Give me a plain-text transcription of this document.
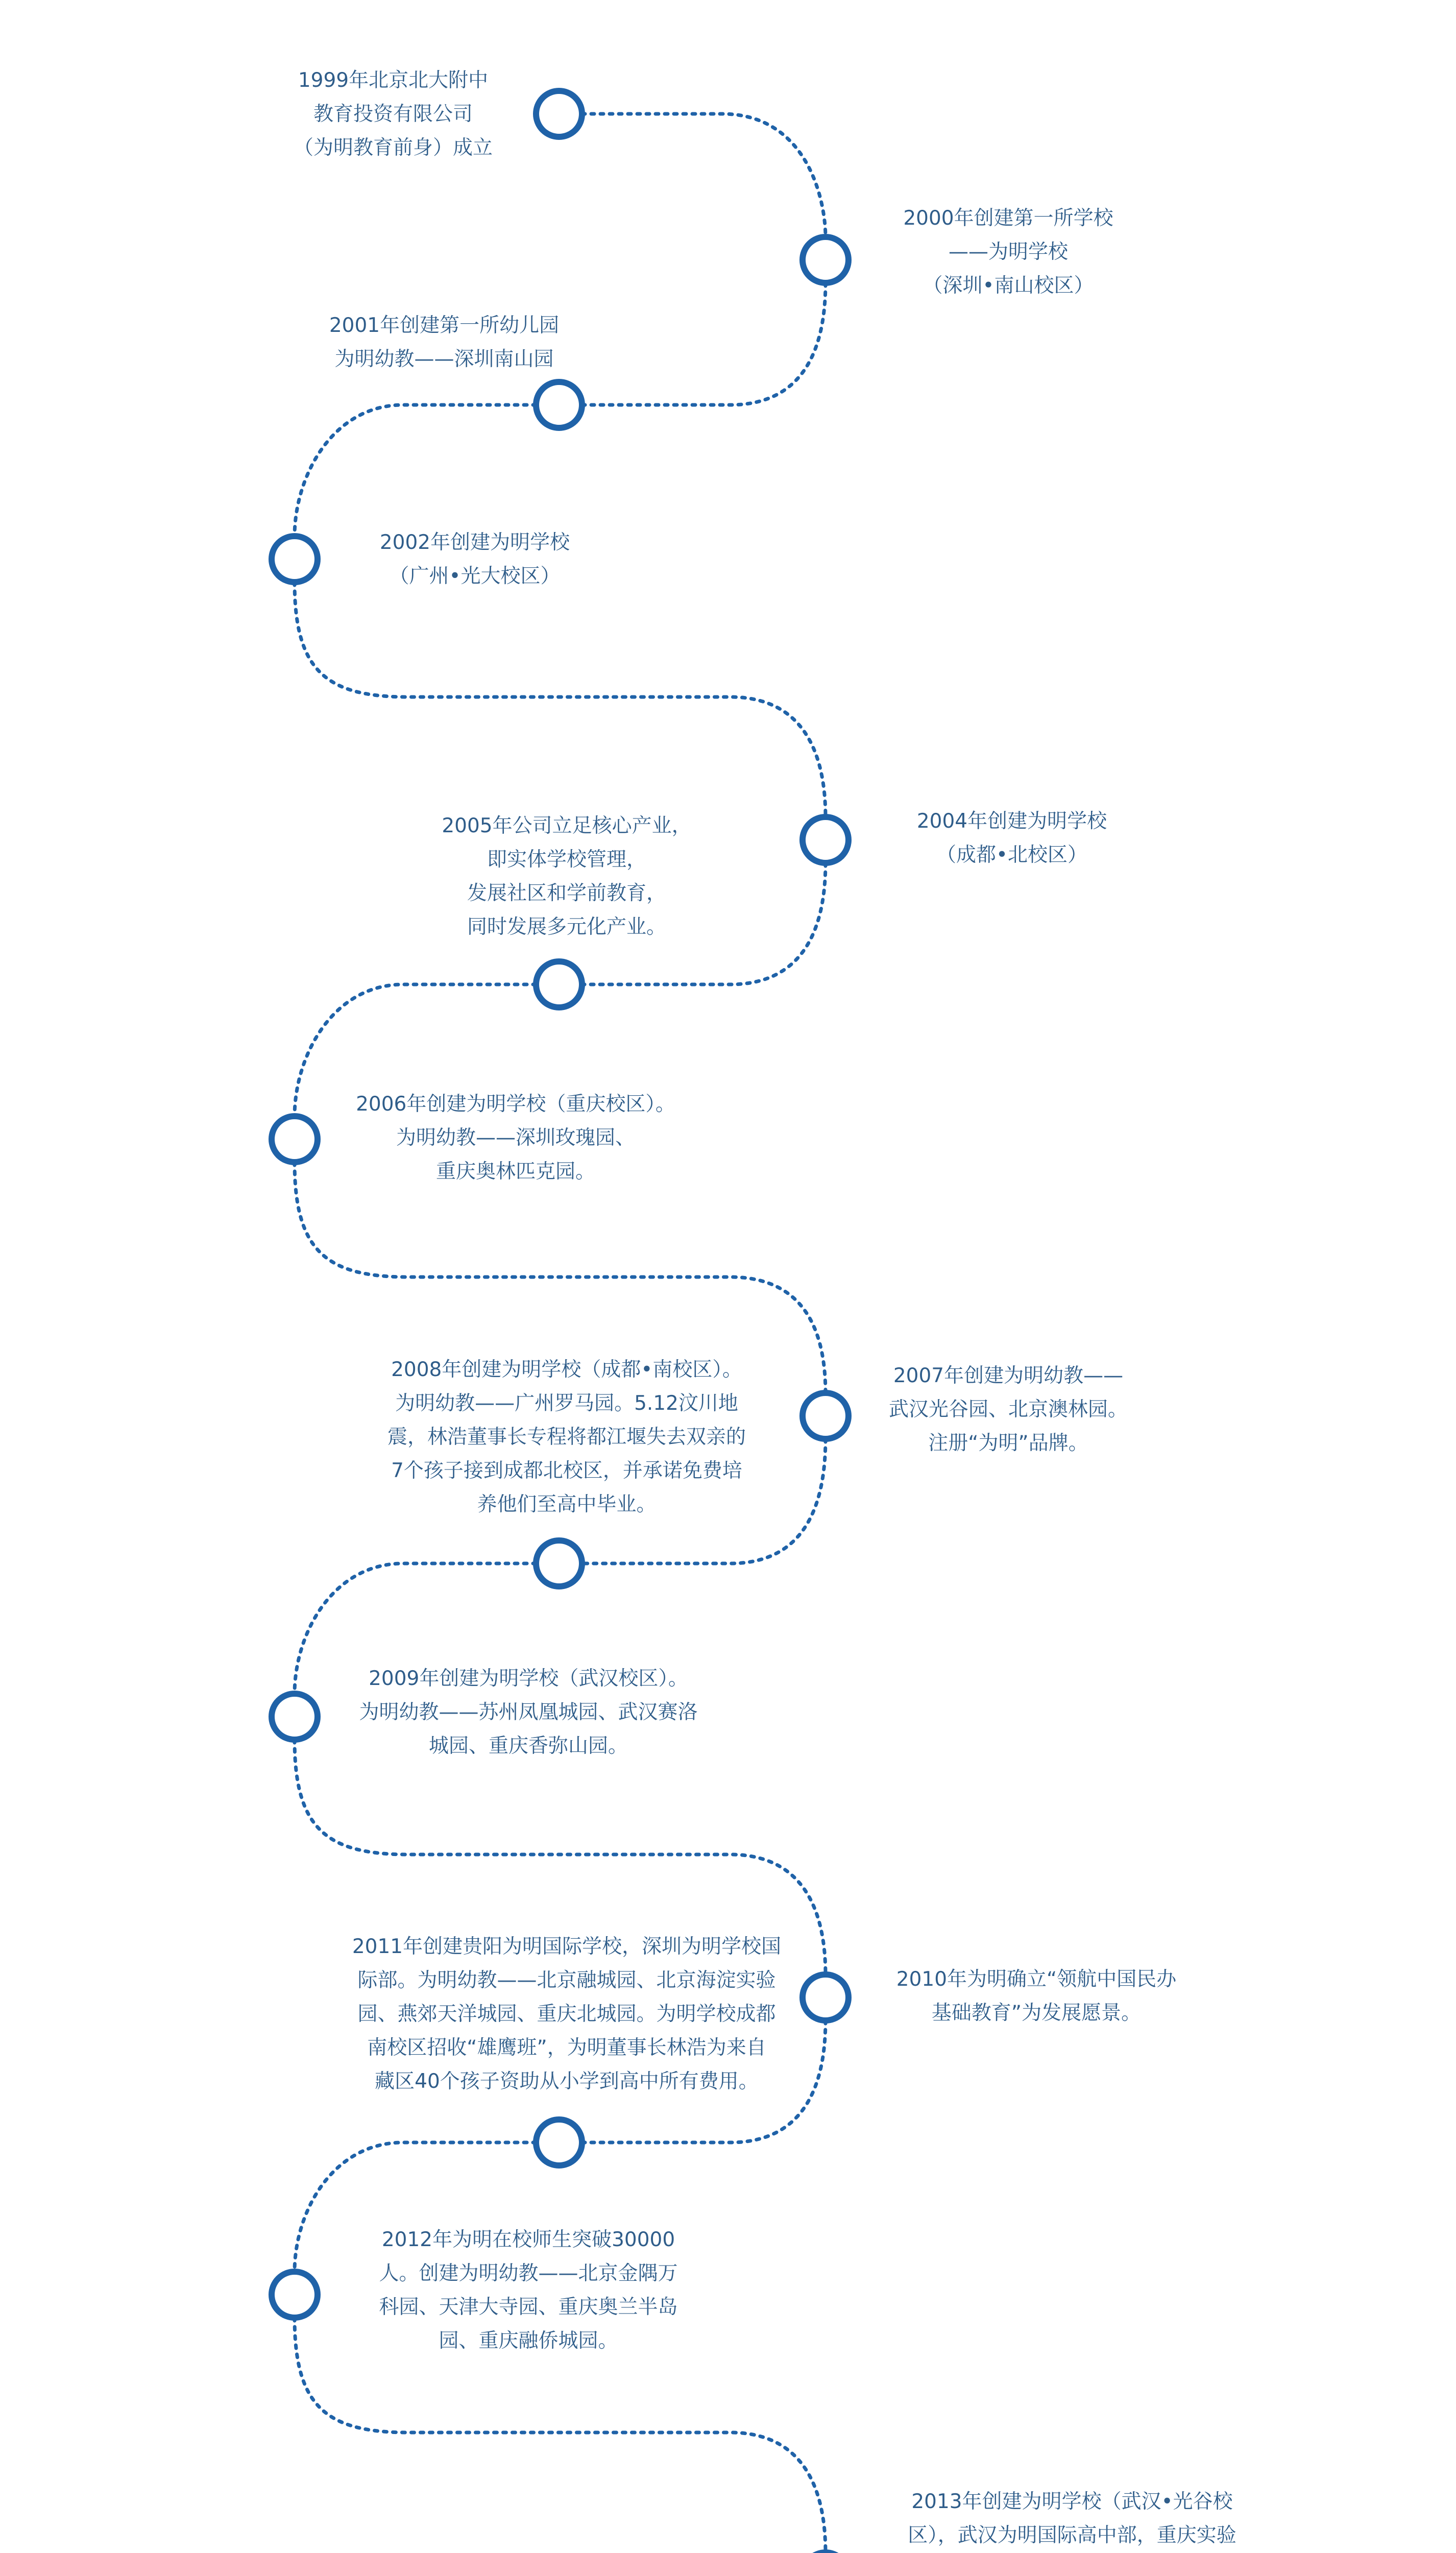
1999年北京北大附中
教育投资有限公司
（为明教育前身）成立
2000年创建第一所学校
——为明学校
（深圳•南山校区）
2001年创建第一所幼儿园
为明幼教——深圳南山园
2002年创建为明学校
（广州•光大校区）
2004年创建为明学校
（成都•北校区）
2005年公司立足核心产业，
即实体学校管理，
发展社区和学前教育，
同时发展多元化产业。
2006年创建为明学校（重庆校区）。
为明幼教——深圳玫瑰园、
重庆奥林匹克园。
2007年创建为明幼教——
武汉光谷园、北京澳林园。
注册“为明”品牌。
2008年创建为明学校（成都•南校区）。
为明幼教——广州罗马园。5.12汶川地
震，林浩董事长专程将都江堰失去双亲的
7个孩子接到成都北校区，并承诺免费培
养他们至高中毕业。
2009年创建为明学校（武汉校区）。
为明幼教——苏州凤凰城园、武汉赛洛
城园、重庆香弥山园。
2010年为明确立“领航中国民办
基础教育”为发展愿景。
2011年创建贵阳为明国际学校，深圳为明学校国
际部。为明幼教——北京融城园、北京海淀实验
园、燕郊天洋城园、重庆北城园。为明学校成都
南校区招收“雄鹰班”，为明董事长林浩为来自
藏区40个孩子资助从小学到高中所有费用。
2012年为明在校师生突破30000
人。创建为明幼教——北京金隅万
科园、天津大寺园、重庆奥兰半岛
园、重庆融侨城园。
2013年创建为明学校（武汉•光谷校
区），武汉为明国际高中部，重庆实验
